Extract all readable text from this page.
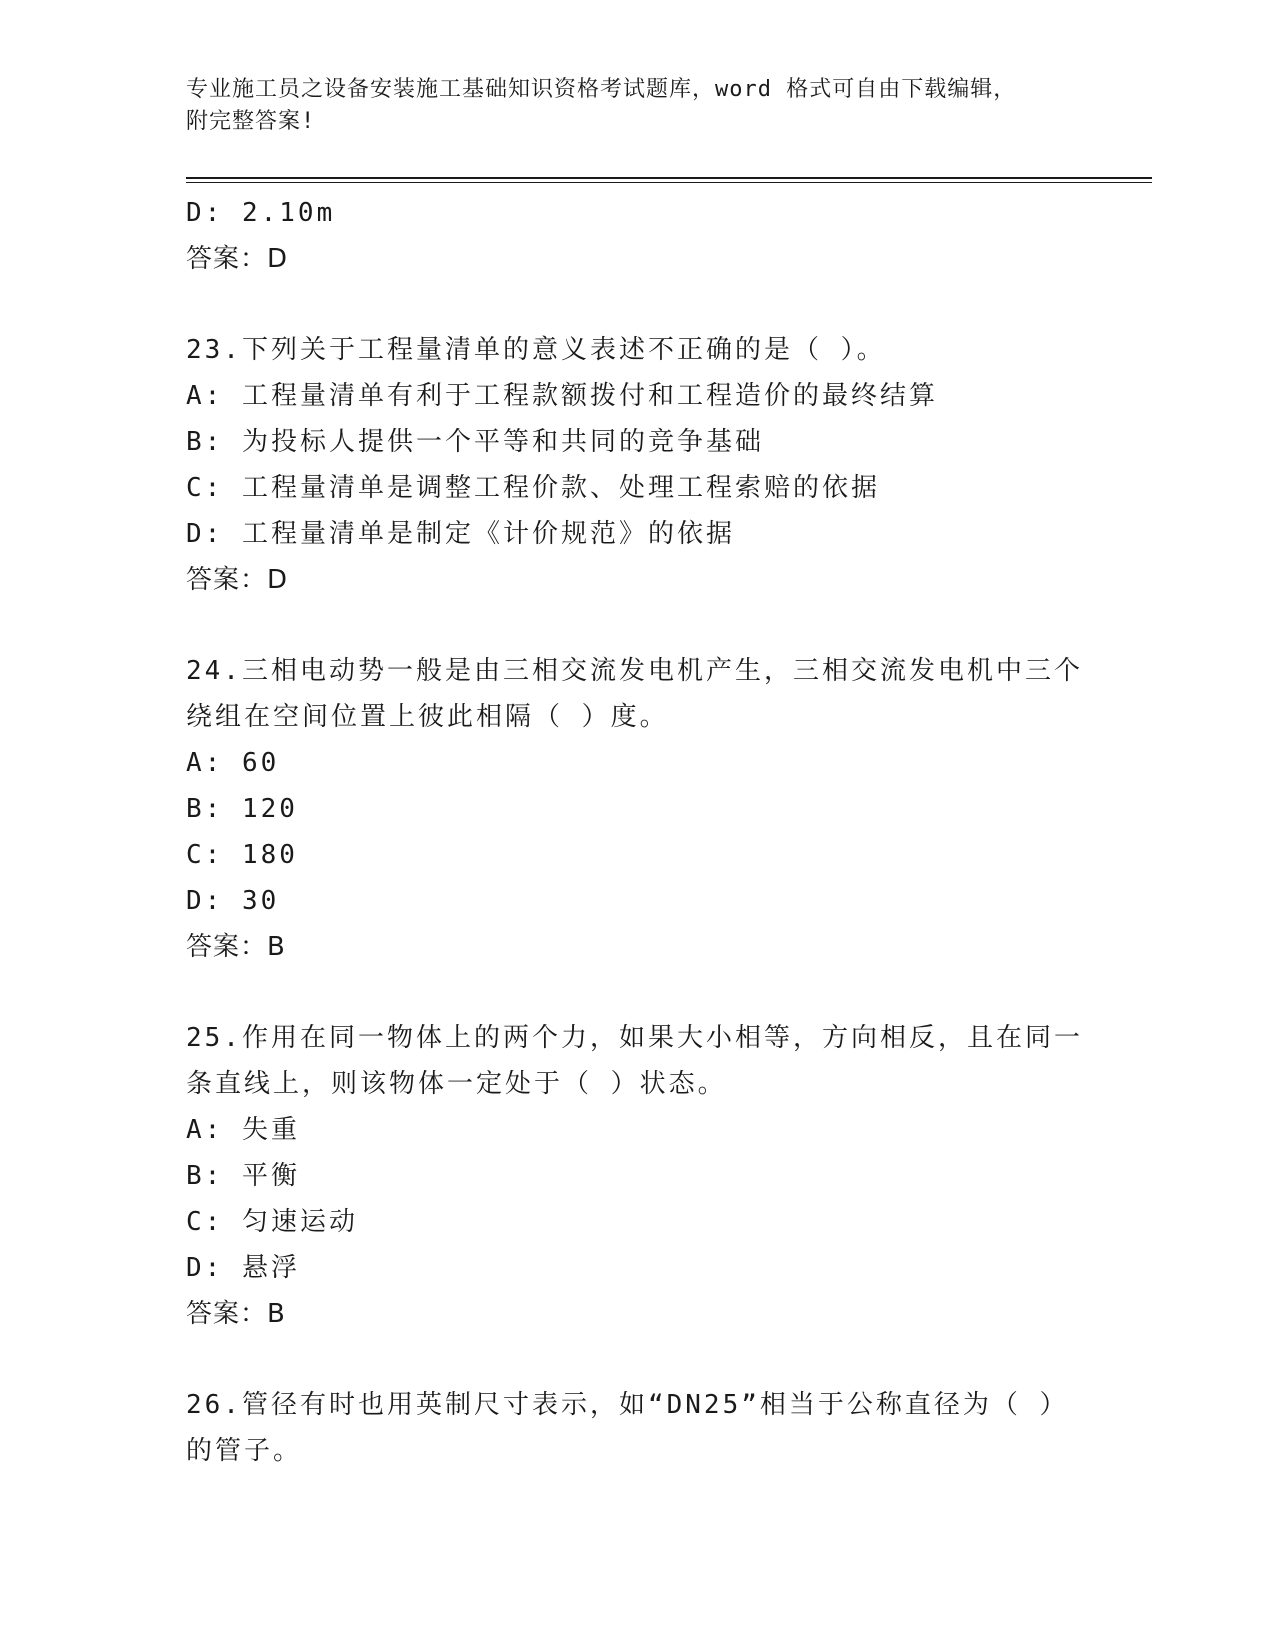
专业施工员之设备安装施工基础知识资格考试题库，word 格式可自由下载编辑，
附完整答案!
D: 2.10m
答案：D
23.下列关于工程量清单的意义表述不正确的是（ ）。
A: 工程量清单有利于工程款额拨付和工程造价的最终结算
B: 为投标人提供一个平等和共同的竞争基础
C: 工程量清单是调整工程价款、处理工程索赔的依据
D: 工程量清单是制定《计价规范》的依据
答案：D
24.三相电动势一般是由三相交流发电机产生，三相交流发电机中三个
绕组在空间位置上彼此相隔（ ）度。
A: 60
B: 120
C: 180
D: 30
答案：B
25.作用在同一物体上的两个力，如果大小相等，方向相反，且在同一
条直线上，则该物体一定处于（ ）状态。
A: 失重
B: 平衡
C: 匀速运动
D: 悬浮
答案：B
26.管径有时也用英制尺寸表示，如“DN25”相当于公称直径为（ ）
的管子。
